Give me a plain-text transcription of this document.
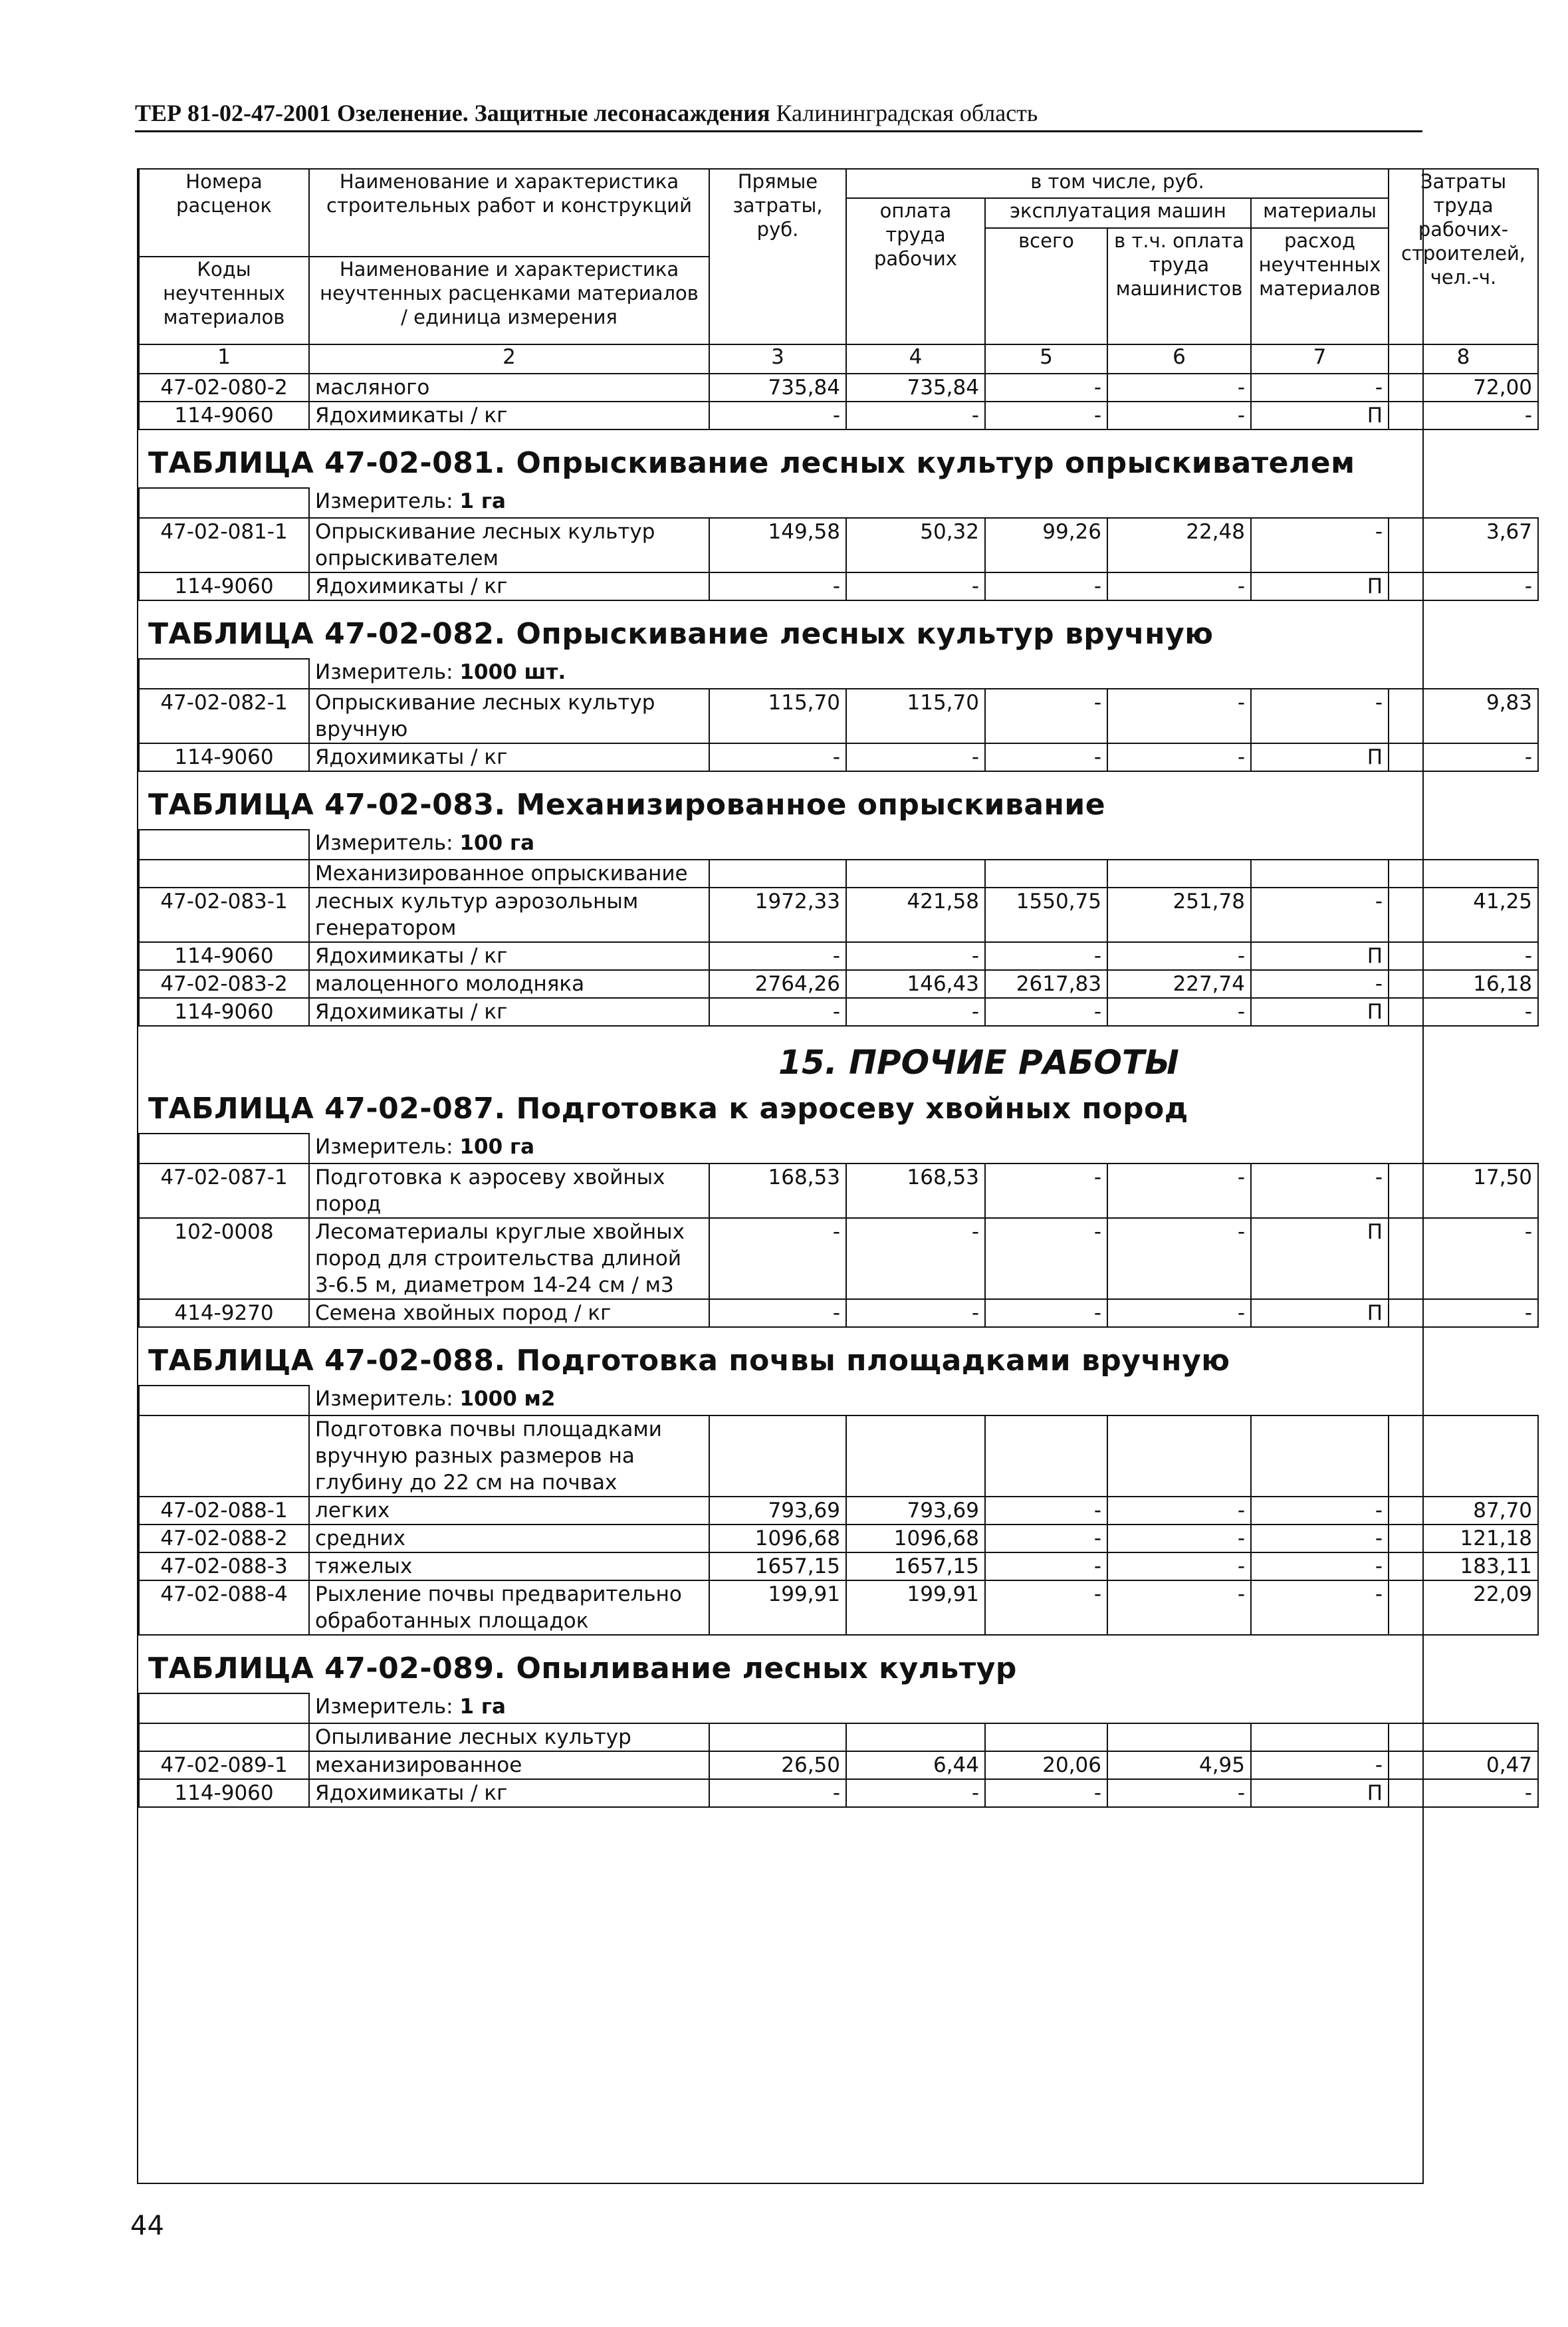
ТЕР 81-02-47-2001 Озеленение. Защитные лесонасаждения Калининградская область
Номера расценок	Наименование и характеристика строительных работ и конструкций	Прямые затраты, руб.	в том числе, руб.				Затраты труда рабочих-строителей, чел.-ч.
			оплата труда рабочих	эксплуатация машин		материалы	
				всего	в т.ч. оплата труда машинистов	расход неучтенных материалов	
Коды неучтенных материалов	Наименование и характеристика неучтенных расценками материалов / единица измерения						

1	2	3	4	5	6	7	8
47-02-080-2	масляного	735,84	735,84	-	-	-	72,00
114-9060	Ядохимикаты / кг	-	-	-	-	П	-
ТАБЛИЦА 47-02-081. Опрыскивание лесных культур опрыскивателем							
	Измеритель: 1 га						
47-02-081-1	Опрыскивание лесных культур опрыскивателем	149,58	50,32	99,26	22,48	-	3,67
114-9060	Ядохимикаты / кг	-	-	-	-	П	-
ТАБЛИЦА 47-02-082. Опрыскивание лесных культур вручную							
	Измеритель: 1000 шт.						
47-02-082-1	Опрыскивание лесных культур вручную	115,70	115,70	-	-	-	9,83
114-9060	Ядохимикаты / кг	-	-	-	-	П	-
ТАБЛИЦА 47-02-083. Механизированное опрыскивание							
	Измеритель: 100 га						
	Механизированное опрыскивание						
47-02-083-1	лесных культур аэрозольным генератором	1972,33	421,58	1550,75	251,78	-	41,25
114-9060	Ядохимикаты / кг	-	-	-	-	П	-
47-02-083-2	малоценного молодняка	2764,26	146,43	2617,83	227,74	-	16,18
114-9060	Ядохимикаты / кг	-	-	-	-	П	-
15. ПРОЧИЕ РАБОТЫ							
ТАБЛИЦА 47-02-087. Подготовка к аэросеву хвойных пород							
	Измеритель: 100 га						
47-02-087-1	Подготовка к аэросеву хвойных пород	168,53	168,53	-	-	-	17,50
102-0008	Лесоматериалы круглые хвойных пород для строительства длиной 3-6.5 м, диаметром 14-24 см / м3	-	-	-	-	П	-
414-9270	Семена хвойных пород / кг	-	-	-	-	П	-
ТАБЛИЦА 47-02-088. Подготовка почвы площадками вручную							
	Измеритель: 1000 м2						
	Подготовка почвы площадками вручную разных размеров на глубину до 22 см на почвах						
47-02-088-1	легких	793,69	793,69	-	-	-	87,70
47-02-088-2	средних	1096,68	1096,68	-	-	-	121,18
47-02-088-3	тяжелых	1657,15	1657,15	-	-	-	183,11
47-02-088-4	Рыхление почвы предварительно обработанных площадок	199,91	199,91	-	-	-	22,09
ТАБЛИЦА 47-02-089. Опыливание лесных культур							
	Измеритель: 1 га						
	Опыливание лесных культур						
47-02-089-1	механизированное	26,50	6,44	20,06	4,95	-	0,47
114-9060	Ядохимикаты / кг	-	-	-	-	П	-
44
